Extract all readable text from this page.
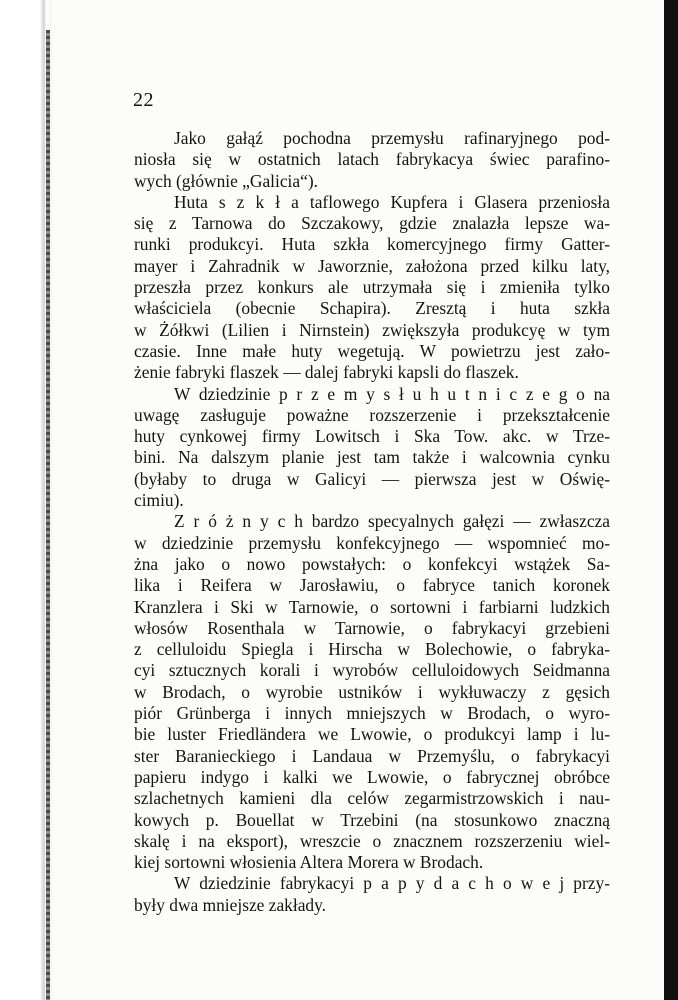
22
Jako gałąź pochodna przemysłu rafinaryjnego pod-
niosła się w ostatnich latach fabrykacya świec parafino-
wych (głównie „Galicia“).
Huta s z k ł a taflowego Kupfera i Glasera przeniosła
się z Tarnowa do Szczakowy, gdzie znalazła lepsze wa-
runki produkcyi. Huta szkła komercyjnego firmy Gatter-
mayer i Zahradnik w Jaworznie, założona przed kilku laty,
przeszła przez konkurs ale utrzymała się i zmieniła tylko
właściciela (obecnie Schapira). Zresztą i huta szkła
w Żółkwi (Lilien i Nirnstein) zwiększyła produkcyę w tym
czasie. Inne małe huty wegetują. W powietrzu jest zało-
żenie fabryki flaszek — dalej fabryki kapsli do flaszek.
W dziedzinie p r z e m y s ł u h u t n i c z e g o na
uwagę zasługuje poważne rozszerzenie i przekształcenie
huty cynkowej firmy Lowitsch i Ska Tow. akc. w Trze-
bini. Na dalszym planie jest tam także i walcownia cynku
(byłaby to druga w Galicyi — pierwsza jest w Oświę-
cimiu).
Z r ó ż n y c h bardzo specyalnych gałęzi — zwłaszcza
w dziedzinie przemysłu konfekcyjnego — wspomnieć mo-
żna jako o nowo powstałych: o konfekcyi wstążek Sa-
lika i Reifera w Jarosławiu, o fabryce tanich koronek
Kranzlera i Ski w Tarnowie, o sortowni i farbiarni ludzkich
włosów Rosenthala w Tarnowie, o fabrykacyi grzebieni
z celluloidu Spiegla i Hirscha w Bolechowie, o fabryka-
cyi sztucznych korali i wyrobów celluloidowych Seidmanna
w Brodach, o wyrobie ustników i wykłuwaczy z gęsich
piór Grünberga i innych mniejszych w Brodach, o wyro-
bie luster Friedländera we Lwowie, o produkcyi lamp i lu-
ster Baranieckiego i Landaua w Przemyślu, o fabrykacyi
papieru indygo i kalki we Lwowie, o fabrycznej obróbce
szlachetnych kamieni dla celów zegarmistrzowskich i nau-
kowych p. Bouellat w Trzebini (na stosunkowo znaczną
skalę i na eksport), wreszcie o znacznem rozszerzeniu wiel-
kiej sortowni włosienia Altera Morera w Brodach.
W dziedzinie fabrykacyi p a p y d a c h o w e j przy-
były dwa mniejsze zakłady.
